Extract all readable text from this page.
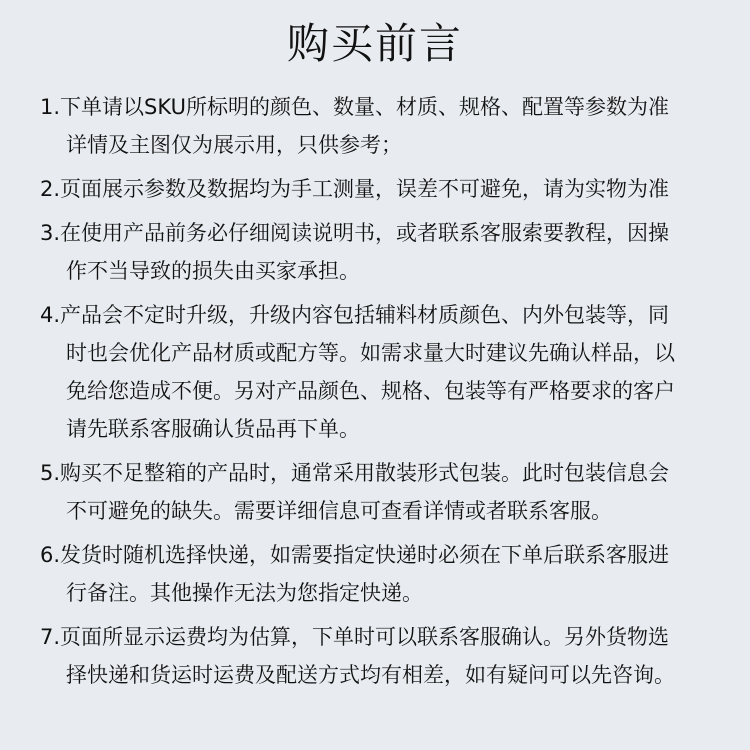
购买前言
1.下单请以SKU所标明的颜色、数量、材质、规格、配置等参数为准
详情及主图仅为展示用，只供参考；
2.页面展示参数及数据均为手工测量，误差不可避免，请为实物为准
3.在使用产品前务必仔细阅读说明书，或者联系客服索要教程，因操
作不当导致的损失由买家承担。
4.产品会不定时升级，升级内容包括辅料材质颜色、内外包装等，同
时也会优化产品材质或配方等。如需求量大时建议先确认样品，以
免给您造成不便。另对产品颜色、规格、包装等有严格要求的客户
请先联系客服确认货品再下单。
5.购买不足整箱的产品时，通常采用散装形式包装。此时包装信息会
不可避免的缺失。需要详细信息可查看详情或者联系客服。
6.发货时随机选择快递，如需要指定快递时必须在下单后联系客服进
行备注。其他操作无法为您指定快递。
7.页面所显示运费均为估算，下单时可以联系客服确认。另外货物选
择快递和货运时运费及配送方式均有相差，如有疑问可以先咨询。
